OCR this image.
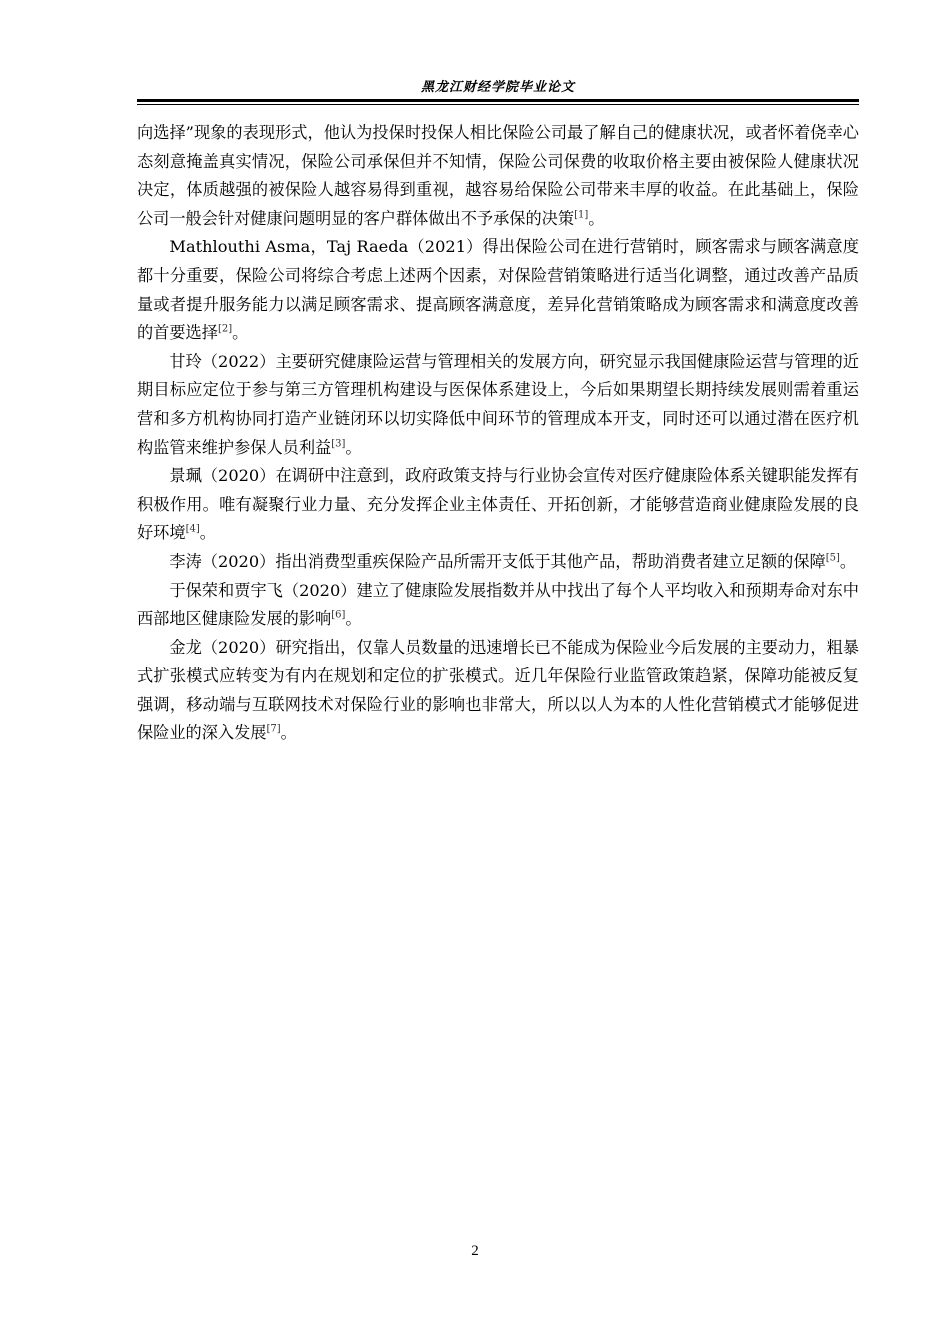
黑龙江财经学院毕业论文

向选择”现象的表现形式，他认为投保时投保人相比保险公司最了解自己的健康状况，或者怀着侥幸心态刻意掩盖真实情况，保险公司承保但并不知情，保险公司保费的收取价格主要由被保险人健康状况决定，体质越强的被保险人越容易得到重视，越容易给保险公司带来丰厚的收益。在此基础上，保险公司一般会针对健康问题明显的客户群体做出不予承保的决策[1]。

Mathlouthi Asma，Taj Raeda（2021）得出保险公司在进行营销时，顾客需求与顾客满意度都十分重要，保险公司将综合考虑上述两个因素，对保险营销策略进行适当化调整，通过改善产品质量或者提升服务能力以满足顾客需求、提高顾客满意度，差异化营销策略成为顾客需求和满意度改善的首要选择[2]。

甘玲（2022）主要研究健康险运营与管理相关的发展方向，研究显示我国健康险运营与管理的近期目标应定位于参与第三方管理机构建设与医保体系建设上，今后如果期望长期持续发展则需着重运营和多方机构协同打造产业链闭环以切实降低中间环节的管理成本开支，同时还可以通过潜在医疗机构监管来维护参保人员利益[3]。

景珮（2020）在调研中注意到，政府政策支持与行业协会宣传对医疗健康险体系关键职能发挥有积极作用。唯有凝聚行业力量、充分发挥企业主体责任、开拓创新，才能够营造商业健康险发展的良好环境[4]。

李涛（2020）指出消费型重疾保险产品所需开支低于其他产品，帮助消费者建立足额的保障[5]。

于保荣和贾宇飞（2020）建立了健康险发展指数并从中找出了每个人平均收入和预期寿命对东中西部地区健康险发展的影响[6]。

金龙（2020）研究指出，仅靠人员数量的迅速增长已不能成为保险业今后发展的主要动力，粗暴式扩张模式应转变为有内在规划和定位的扩张模式。近几年保险行业监管政策趋紧，保障功能被反复强调，移动端与互联网技术对保险行业的影响也非常大，所以以人为本的人性化营销模式才能够促进保险业的深入发展[7]。

2
